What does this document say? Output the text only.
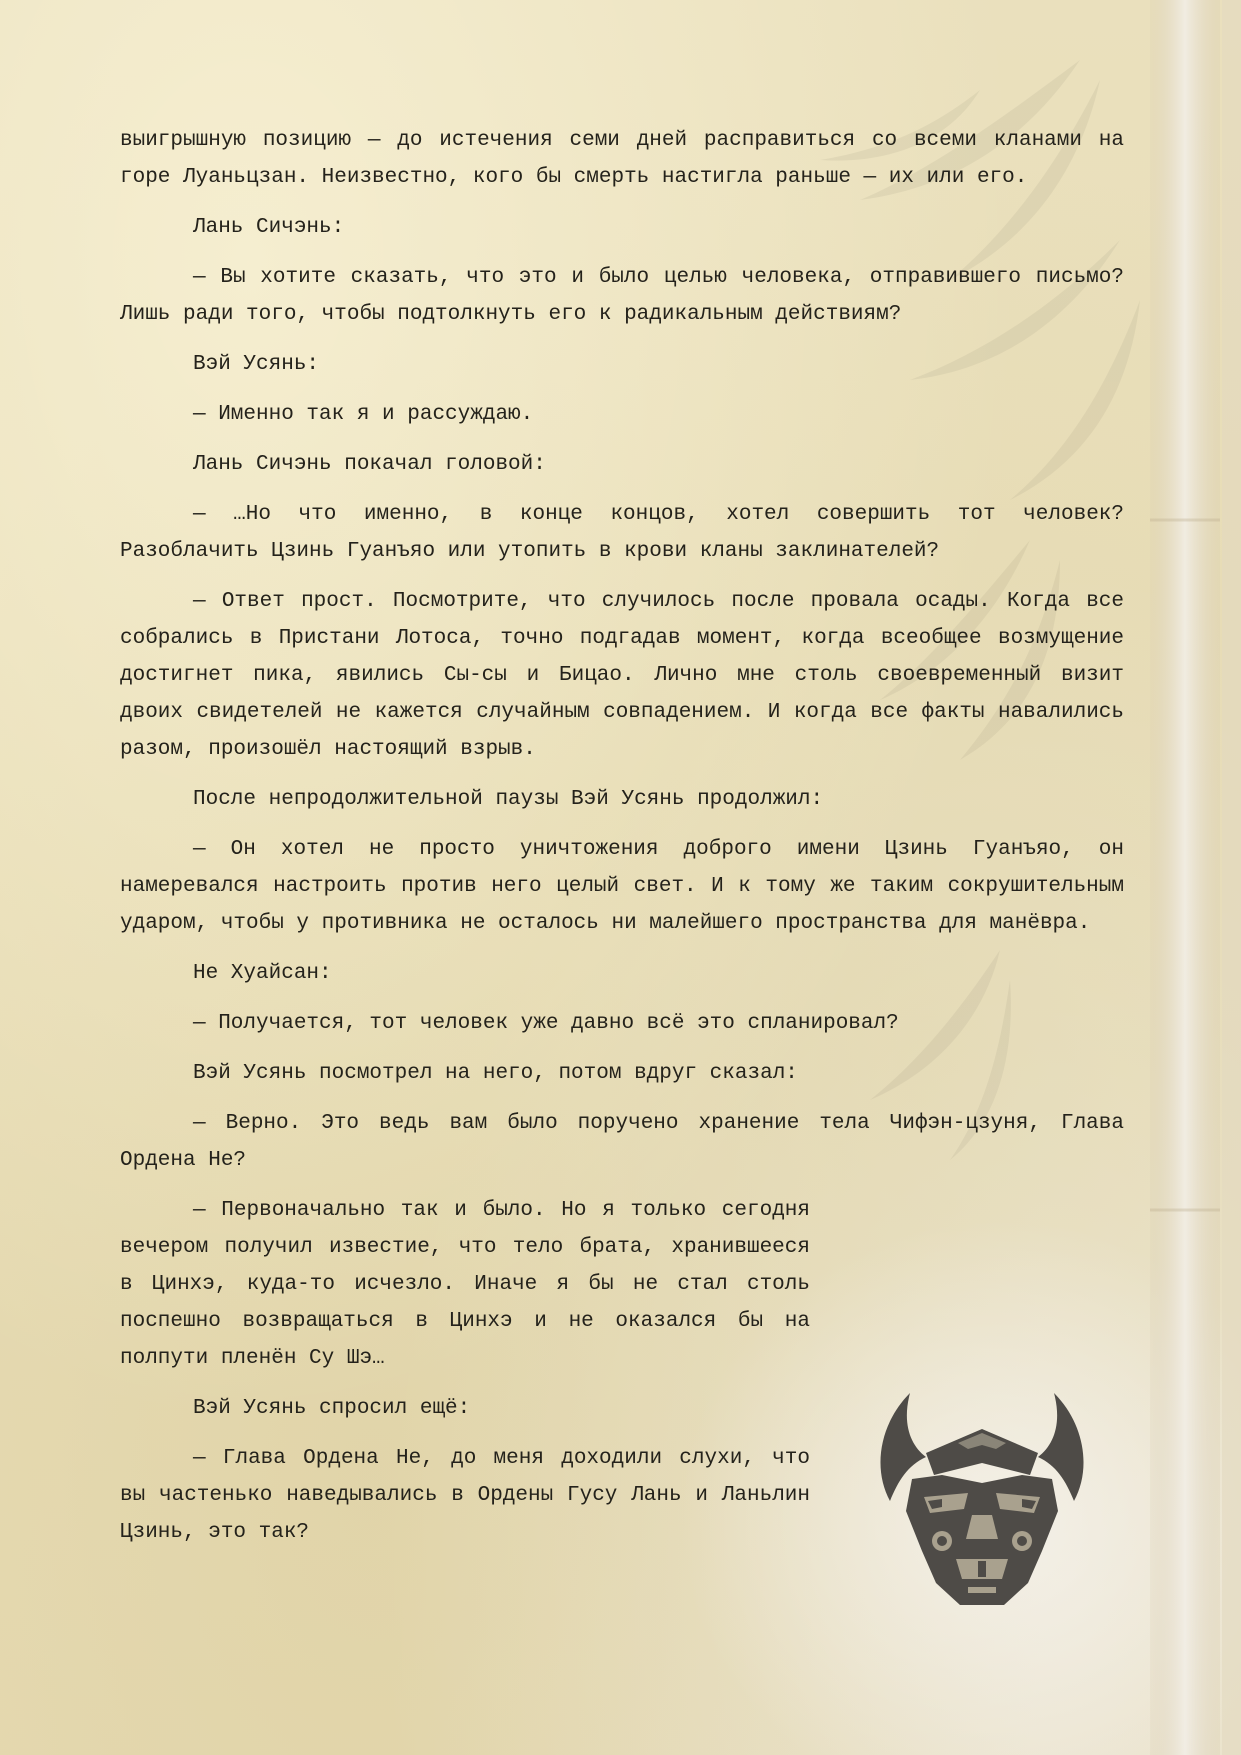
выигрышную позицию — до истечения семи дней расправиться со всеми кланами на горе Луаньцзан. Неизвестно, кого бы смерть настигла раньше — их или его.

Лань Сичэнь:

— Вы хотите сказать, что это и было целью человека, отправившего письмо? Лишь ради того, чтобы подтолкнуть его к радикальным действиям?

Вэй Усянь:

— Именно так я и рассуждаю.

Лань Сичэнь покачал головой:

— …Но что именно, в конце концов, хотел совершить тот человек? Разоблачить Цзинь Гуанъяо или утопить в крови кланы заклинателей?

— Ответ прост. Посмотрите, что случилось после провала осады. Когда все собрались в Пристани Лотоса, точно подгадав момент, когда всеобщее возмущение достигнет пика, явились Сы-сы и Бицао. Лично мне столь своевременный визит двоих свидетелей не кажется случайным совпадением. И когда все факты навалились разом, произошёл настоящий взрыв.

После непродолжительной паузы Вэй Усянь продолжил:

— Он хотел не просто уничтожения доброго имени Цзинь Гуанъяо, он намеревался настроить против него целый свет. И к тому же таким сокрушительным ударом, чтобы у противника не осталось ни малейшего пространства для манёвра.

Не Хуайсан:

— Получается, тот человек уже давно всё это спланировал?

Вэй Усянь посмотрел на него, потом вдруг сказал:

— Верно. Это ведь вам было поручено хранение тела Чифэн-цзуня, Глава Ордена Не?

— Первоначально так и было. Но я только сегодня вечером получил известие, что тело брата, хранившееся в Цинхэ, куда-то исчезло. Иначе я бы не стал столь поспешно возвращаться в Цинхэ и не оказался бы на полпути пленён Су Шэ…

Вэй Усянь спросил ещё:

— Глава Ордена Не, до меня доходили слухи, что вы частенько наведывались в Ордены Гусу Лань и Ланьлин Цзинь, это так?
